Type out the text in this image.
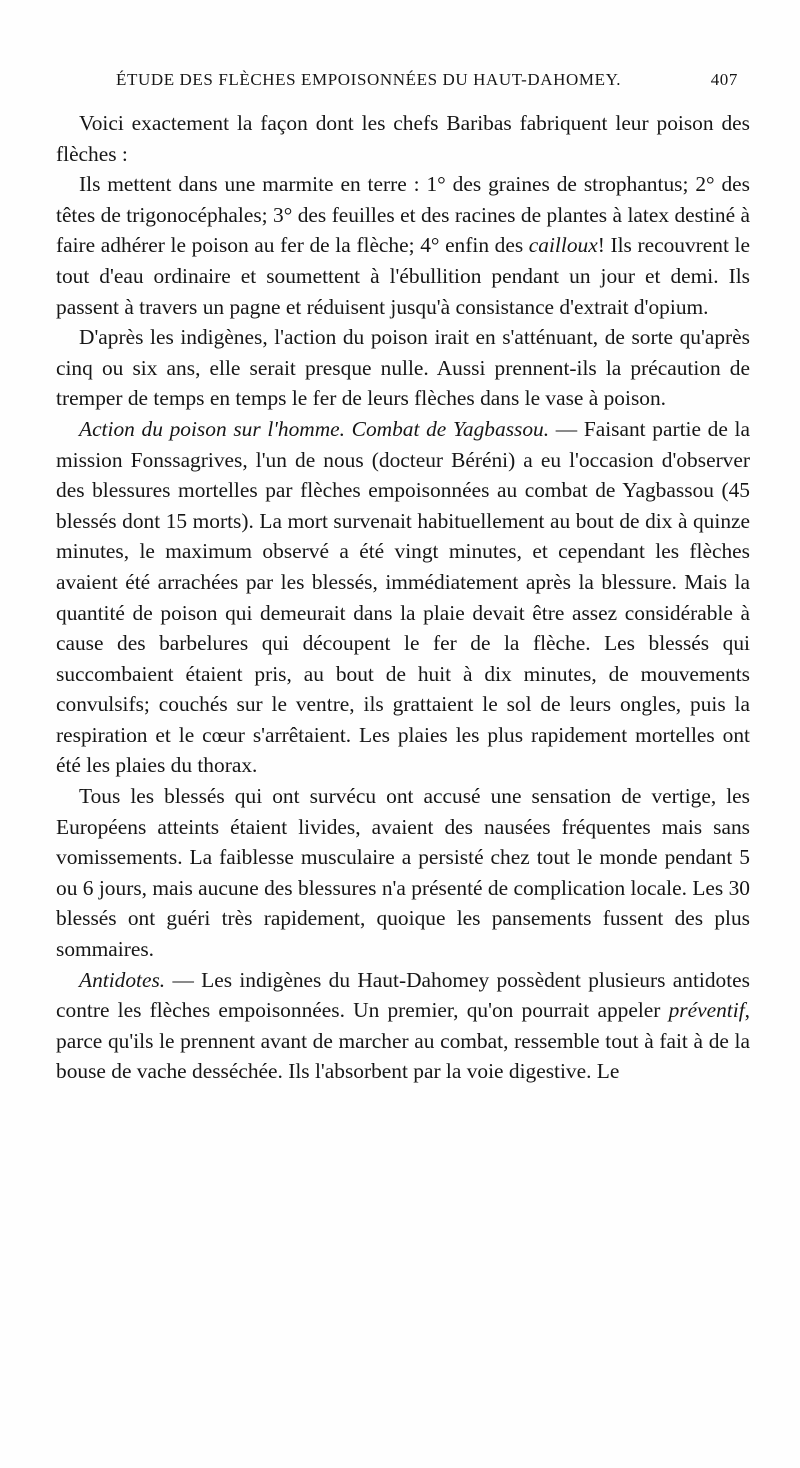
ÉTUDE DES FLÈCHES EMPOISONNÉES DU HAUT-DAHOMEY.	407

Voici exactement la façon dont les chefs Baribas fabriquent leur poison des flèches :

Ils mettent dans une marmite en terre : 1° des graines de strophantus; 2° des têtes de trigonocéphales; 3° des feuilles et des racines de plantes à latex destiné à faire adhérer le poison au fer de la flèche; 4° enfin des cailloux! Ils recouvrent le tout d'eau ordinaire et soumettent à l'ébullition pendant un jour et demi. Ils passent à travers un pagne et réduisent jusqu'à consistance d'extrait d'opium.

D'après les indigènes, l'action du poison irait en s'atténuant, de sorte qu'après cinq ou six ans, elle serait presque nulle. Aussi prennent-ils la précaution de tremper de temps en temps le fer de leurs flèches dans le vase à poison.

Action du poison sur l'homme. Combat de Yagbassou. — Faisant partie de la mission Fonssagrives, l'un de nous (docteur Béréni) a eu l'occasion d'observer des blessures mortelles par flèches empoisonnées au combat de Yagbassou (45 blessés dont 15 morts). La mort survenait habituellement au bout de dix à quinze minutes, le maximum observé a été vingt minutes, et cependant les flèches avaient été arrachées par les blessés, immédiatement après la blessure. Mais la quantité de poison qui demeurait dans la plaie devait être assez considérable à cause des barbelures qui découpent le fer de la flèche. Les blessés qui succombaient étaient pris, au bout de huit à dix minutes, de mouvements convulsifs; couchés sur le ventre, ils grattaient le sol de leurs ongles, puis la respiration et le cœur s'arrêtaient. Les plaies les plus rapidement mortelles ont été les plaies du thorax.

Tous les blessés qui ont survécu ont accusé une sensation de vertige, les Européens atteints étaient livides, avaient des nausées fréquentes mais sans vomissements. La faiblesse musculaire a persisté chez tout le monde pendant 5 ou 6 jours, mais aucune des blessures n'a présenté de complication locale. Les 30 blessés ont guéri très rapidement, quoique les pansements fussent des plus sommaires.

Antidotes. — Les indigènes du Haut-Dahomey possèdent plusieurs antidotes contre les flèches empoisonnées. Un premier, qu'on pourrait appeler préventif, parce qu'ils le prennent avant de marcher au combat, ressemble tout à fait à de la bouse de vache desséchée. Ils l'absorbent par la voie digestive. Le
